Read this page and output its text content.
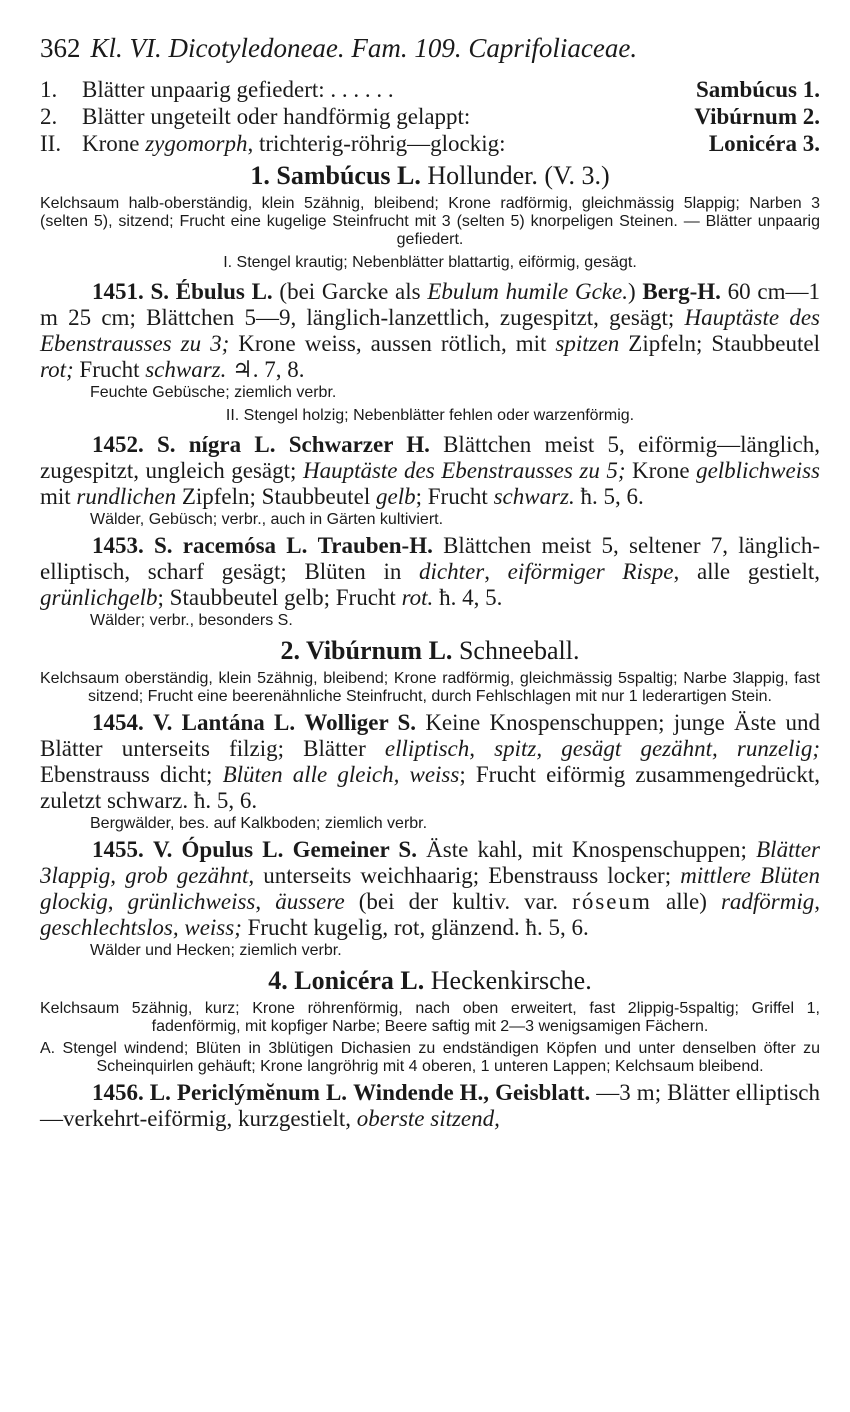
362 Kl. VI. Dicotyledoneae. Fam. 109. Caprifoliaceae.
1.	Blätter unpaarig gefiedert: . . . . . .	Sambúcus 1.
2.	Blätter ungeteilt oder handförmig gelappt:	Vibúrnum 2.
II. Krone zygomorph, trichterig-röhrig—glockig:	Lonicéra 3.
1. Sambúcus L. Hollunder. (V. 3.)
Kelchsaum halb-oberständig, klein 5zähnig, bleibend; Krone radförmig, gleichmässig 5lappig; Narben 3 (selten 5), sitzend; Frucht eine kugelige Steinfrucht mit 3 (selten 5) knorpeligen Steinen. — Blätter unpaarig gefiedert.
I. Stengel krautig; Nebenblätter blattartig, eiförmig, gesägt.
1451. S. Ébulus L. (bei Garcke als Ebulum humile Gcke.) Berg-H. 60 cm—1 m 25 cm; Blättchen 5—9, länglich-lanzettlich, zugespitzt, gesägt; Hauptäste des Ebenstrausses zu 3; Krone weiss, aussen rötlich, mit spitzen Zipfeln; Staubbeutel rot; Frucht schwarz. ♃. 7, 8.
Feuchte Gebüsche; ziemlich verbr.
II. Stengel holzig; Nebenblätter fehlen oder warzenförmig.
1452. S. nígra L. Schwarzer H. Blättchen meist 5, eiförmig—länglich, zugespitzt, ungleich gesägt; Hauptäste des Ebenstrausses zu 5; Krone gelblichweiss mit rundlichen Zipfeln; Staubbeutel gelb; Frucht schwarz. ħ. 5, 6.
Wälder, Gebüsch; verbr., auch in Gärten kultiviert.
1453. S. racemósa L. Trauben-H. Blättchen meist 5, seltener 7, länglich-elliptisch, scharf gesägt; Blüten in dichter, eiförmiger Rispe, alle gestielt, grünlichgelb; Staubbeutel gelb; Frucht rot. ħ. 4, 5.
Wälder; verbr., besonders S.
2. Vibúrnum L. Schneeball.
Kelchsaum oberständig, klein 5zähnig, bleibend; Krone radförmig, gleichmässig 5spaltig; Narbe 3lappig, fast sitzend; Frucht eine beerenähnliche Steinfrucht, durch Fehlschlagen mit nur 1 lederartigen Stein.
1454. V. Lantána L. Wolliger S. Keine Knospenschuppen; junge Äste und Blätter unterseits filzig; Blätter elliptisch, spitz, gesägt gezähnt, runzelig; Ebenstrauss dicht; Blüten alle gleich, weiss; Frucht eiförmig zusammengedrückt, zuletzt schwarz. ħ. 5, 6.
Bergwälder, bes. auf Kalkboden; ziemlich verbr.
1455. V. Ópulus L. Gemeiner S. Äste kahl, mit Knospenschuppen; Blätter 3lappig, grob gezähnt, unterseits weichhaarig; Ebenstrauss locker; mittlere Blüten glockig, grünlichweiss, äussere (bei der kultiv. var. róseum alle) radförmig, geschlechtslos, weiss; Frucht kugelig, rot, glänzend. ħ. 5, 6.
Wälder und Hecken; ziemlich verbr.
4. Lonicéra L. Heckenkirsche.
Kelchsaum 5zähnig, kurz; Krone röhrenförmig, nach oben erweitert, fast 2lippig-5spaltig; Griffel 1, fadenförmig, mit kopfiger Narbe; Beere saftig mit 2—3 wenigsamigen Fächern.
A. Stengel windend; Blüten in 3blütigen Dichasien zu endständigen Köpfen und unter denselben öfter zu Scheinquirlen gehäuft; Krone langröhrig mit 4 oberen, 1 unteren Lappen; Kelchsaum bleibend.
1456. L. Periclýmĕnum L. Windende H., Geisblatt. —3 m; Blätter elliptisch—verkehrt-eiförmig, kurzgestielt, oberste sitzend,
